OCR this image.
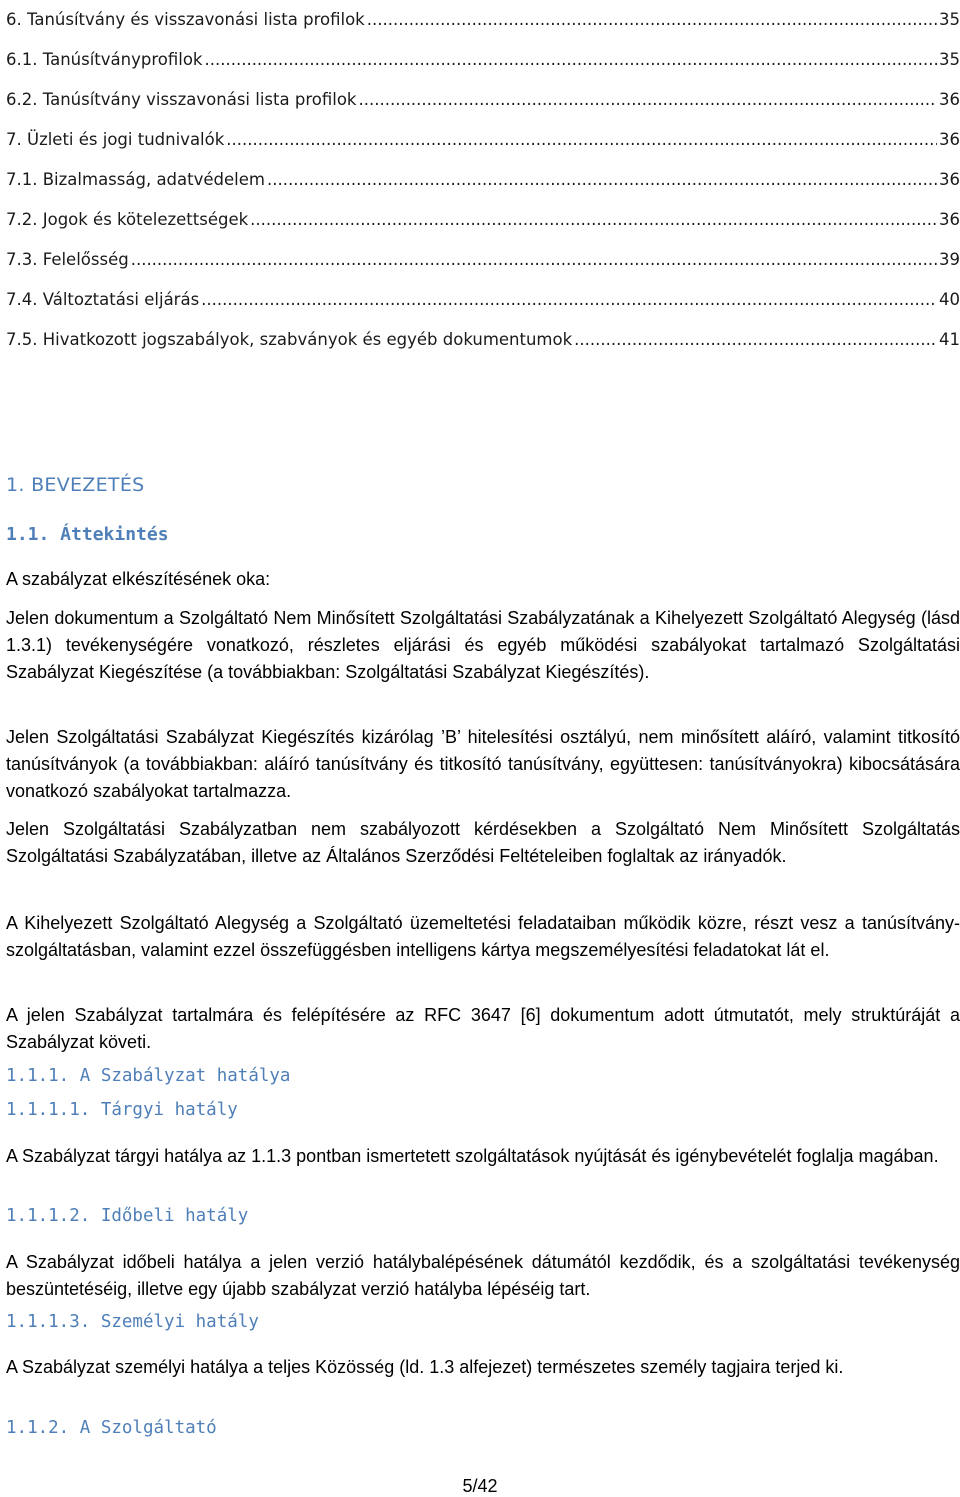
6. Tanúsítvány és visszavonási lista profilok .....	35
6.1. Tanúsítványprofilok .....	35
6.2. Tanúsítvány visszavonási lista profilok .....	36
7. Üzleti és jogi tudnivalók .....	36
7.1. Bizalmasság, adatvédelem .....	36
7.2. Jogok és kötelezettségek .....	36
7.3. Felelősség .....	39
7.4. Változtatási eljárás .....	40
7.5. Hivatkozott jogszabályok, szabványok és egyéb dokumentumok .....	41
1. BEVEZETÉS
1.1. Áttekintés

A szabályzat elkészítésének oka:

Jelen dokumentum a Szolgáltató Nem Minősített Szolgáltatási Szabályzatának a Kihelyezett Szolgáltató Alegység (lásd 1.3.1) tevékenységére vonatkozó, részletes eljárási és egyéb működési szabályokat tartalmazó Szolgáltatási Szabályzat Kiegészítése (a továbbiakban: Szolgáltatási Szabályzat Kiegészítés).

Jelen Szolgáltatási Szabályzat Kiegészítés kizárólag ’B’ hitelesítési osztályú, nem minősített aláíró, valamint titkosító tanúsítványok (a továbbiakban: aláíró tanúsítvány és titkosító tanúsítvány, együttesen: tanúsítványokra) kibocsátására vonatkozó szabályokat tartalmazza.

Jelen Szolgáltatási Szabályzatban nem szabályozott kérdésekben a Szolgáltató Nem Minősített Szolgáltatás Szolgáltatási Szabályzatában, illetve az Általános Szerződési Feltételeiben foglaltak az irányadók.

A Kihelyezett Szolgáltató Alegység a Szolgáltató üzemeltetési feladataiban működik közre, részt vesz a tanúsítvány-szolgáltatásban, valamint ezzel összefüggésben intelligens kártya megszemélyesítési feladatokat lát el.

A jelen Szabályzat tartalmára és felépítésére az RFC 3647 [6] dokumentum adott útmutatót, mely struktúráját a Szabályzat követi.

1.1.1. A Szabályzat hatálya
1.1.1.1. Tárgyi hatály

A Szabályzat tárgyi hatálya az 1.1.3 pontban ismertetett szolgáltatások nyújtását és igénybevételét foglalja magában.

1.1.1.2. Időbeli hatály

A Szabályzat időbeli hatálya a jelen verzió hatálybalépésének dátumától kezdődik, és a szolgáltatási tevékenység beszüntetéséig, illetve egy újabb szabályzat verzió hatályba lépéséig tart.

1.1.1.3. Személyi hatály

A Szabályzat személyi hatálya a teljes Közösség (ld. 1.3 alfejezet) természetes személy tagjaira terjed ki.

1.1.2. A Szolgáltató
5/42
